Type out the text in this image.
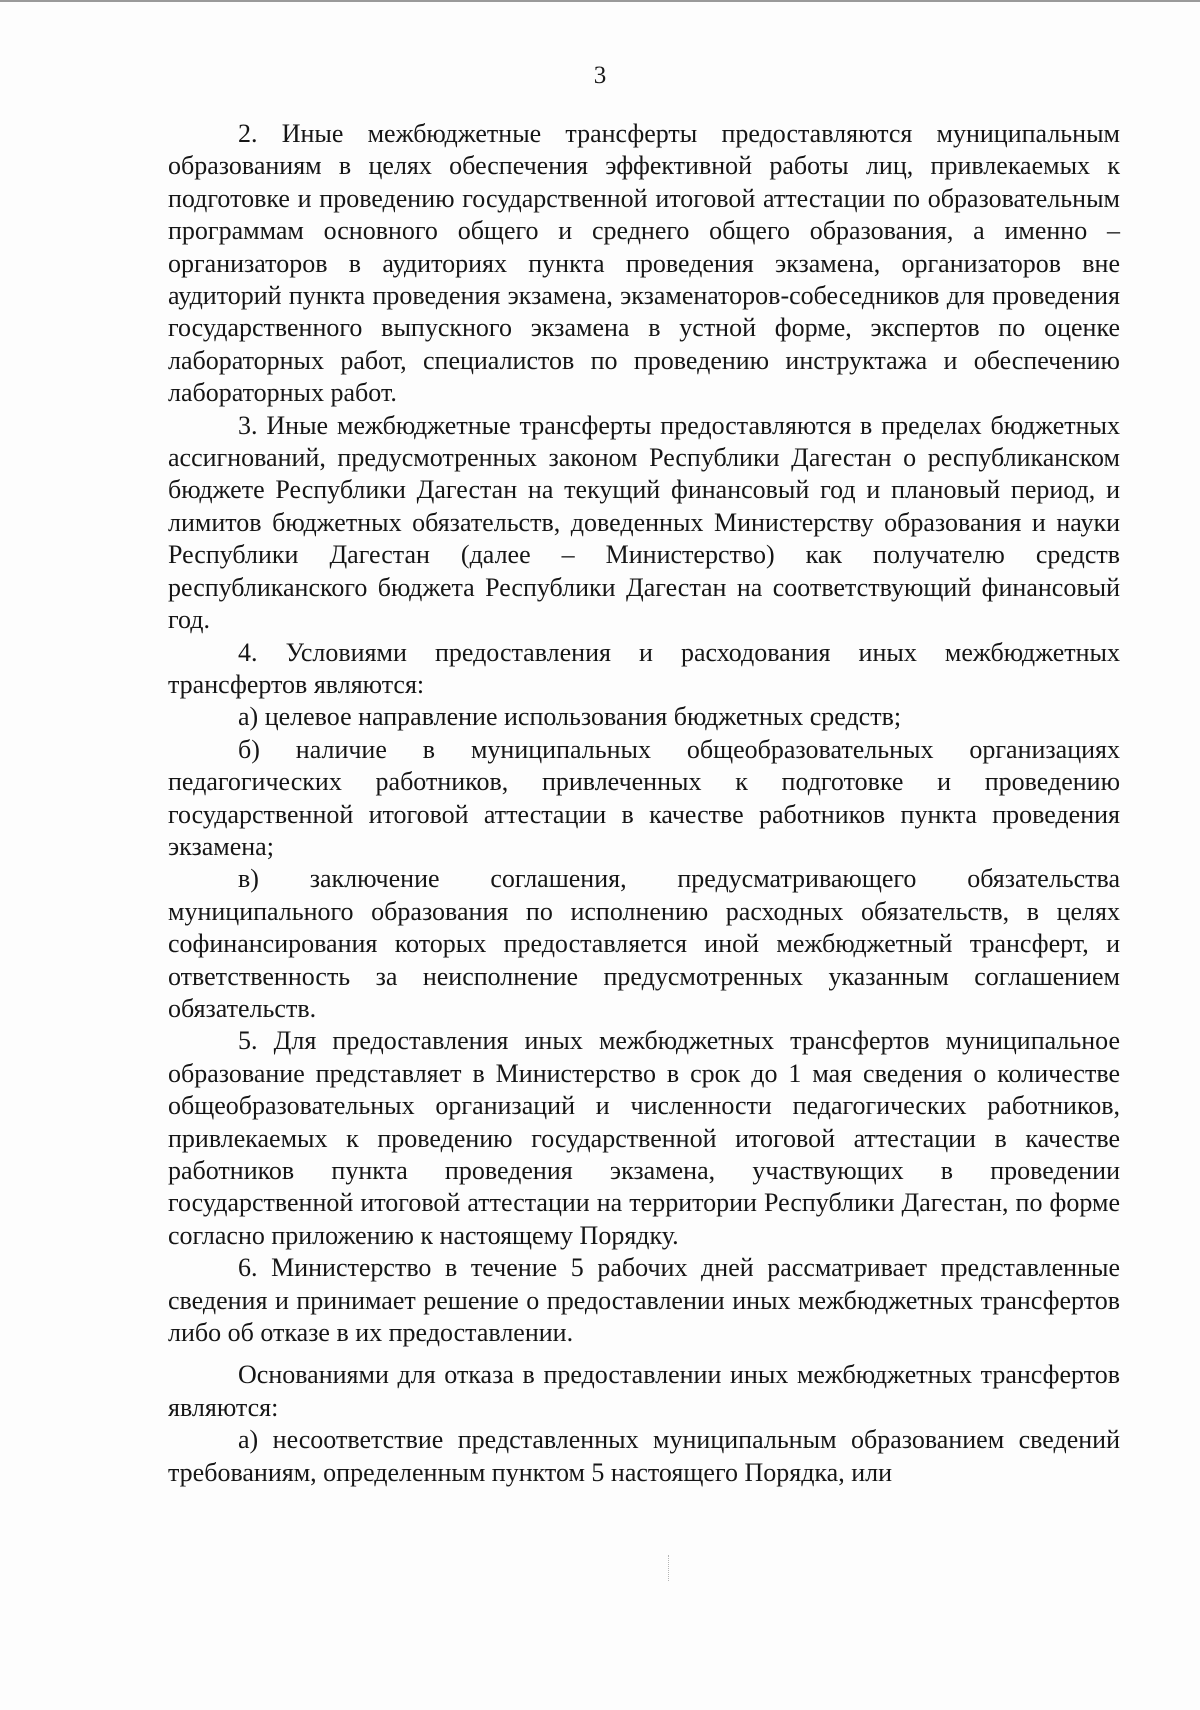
3

2. Иные межбюджетные трансферты предоставляются муниципальным образованиям в целях обеспечения эффективной работы лиц, привлекаемых к подготовке и проведению государственной итоговой аттестации по образовательным программам основного общего и среднего общего образования, а именно – организаторов в аудиториях пункта проведения экзамена, организаторов вне аудиторий пункта проведения экзамена, экзаменаторов-собеседников для проведения государственного выпускного экзамена в устной форме, экспертов по оценке лабораторных работ, специалистов по проведению инструктажа и обеспечению лабораторных работ.

3. Иные межбюджетные трансферты предоставляются в пределах бюджетных ассигнований, предусмотренных законом Республики Дагестан о республиканском бюджете Республики Дагестан на текущий финансовый год и плановый период, и лимитов бюджетных обязательств, доведенных Министерству образования и науки Республики Дагестан (далее – Министерство) как получателю средств республиканского бюджета Республики Дагестан на соответствующий финансовый год.

4. Условиями предоставления и расходования иных межбюджетных трансфертов являются:

а) целевое направление использования бюджетных средств;

б) наличие в муниципальных общеобразовательных организациях педагогических работников, привлеченных к подготовке и проведению государственной итоговой аттестации в качестве работников пункта проведения экзамена;

в) заключение соглашения, предусматривающего обязательства муниципального образования по исполнению расходных обязательств, в целях софинансирования которых предоставляется иной межбюджетный трансферт, и ответственность за неисполнение предусмотренных указанным соглашением обязательств.

5. Для предоставления иных межбюджетных трансфертов муниципальное образование представляет в Министерство в срок до 1 мая сведения о количестве общеобразовательных организаций и численности педагогических работников, привлекаемых к проведению государственной итоговой аттестации в качестве работников пункта проведения экзамена, участвующих в проведении государственной итоговой аттестации на территории Республики Дагестан, по форме согласно приложению к настоящему Порядку.

6. Министерство в течение 5 рабочих дней рассматривает представленные сведения и принимает решение о предоставлении иных межбюджетных трансфертов либо об отказе в их предоставлении.

Основаниями для отказа в предоставлении иных межбюджетных трансфертов являются:

а) несоответствие представленных муниципальным образованием сведений требованиям, определенным пунктом 5 настоящего Порядка, или
